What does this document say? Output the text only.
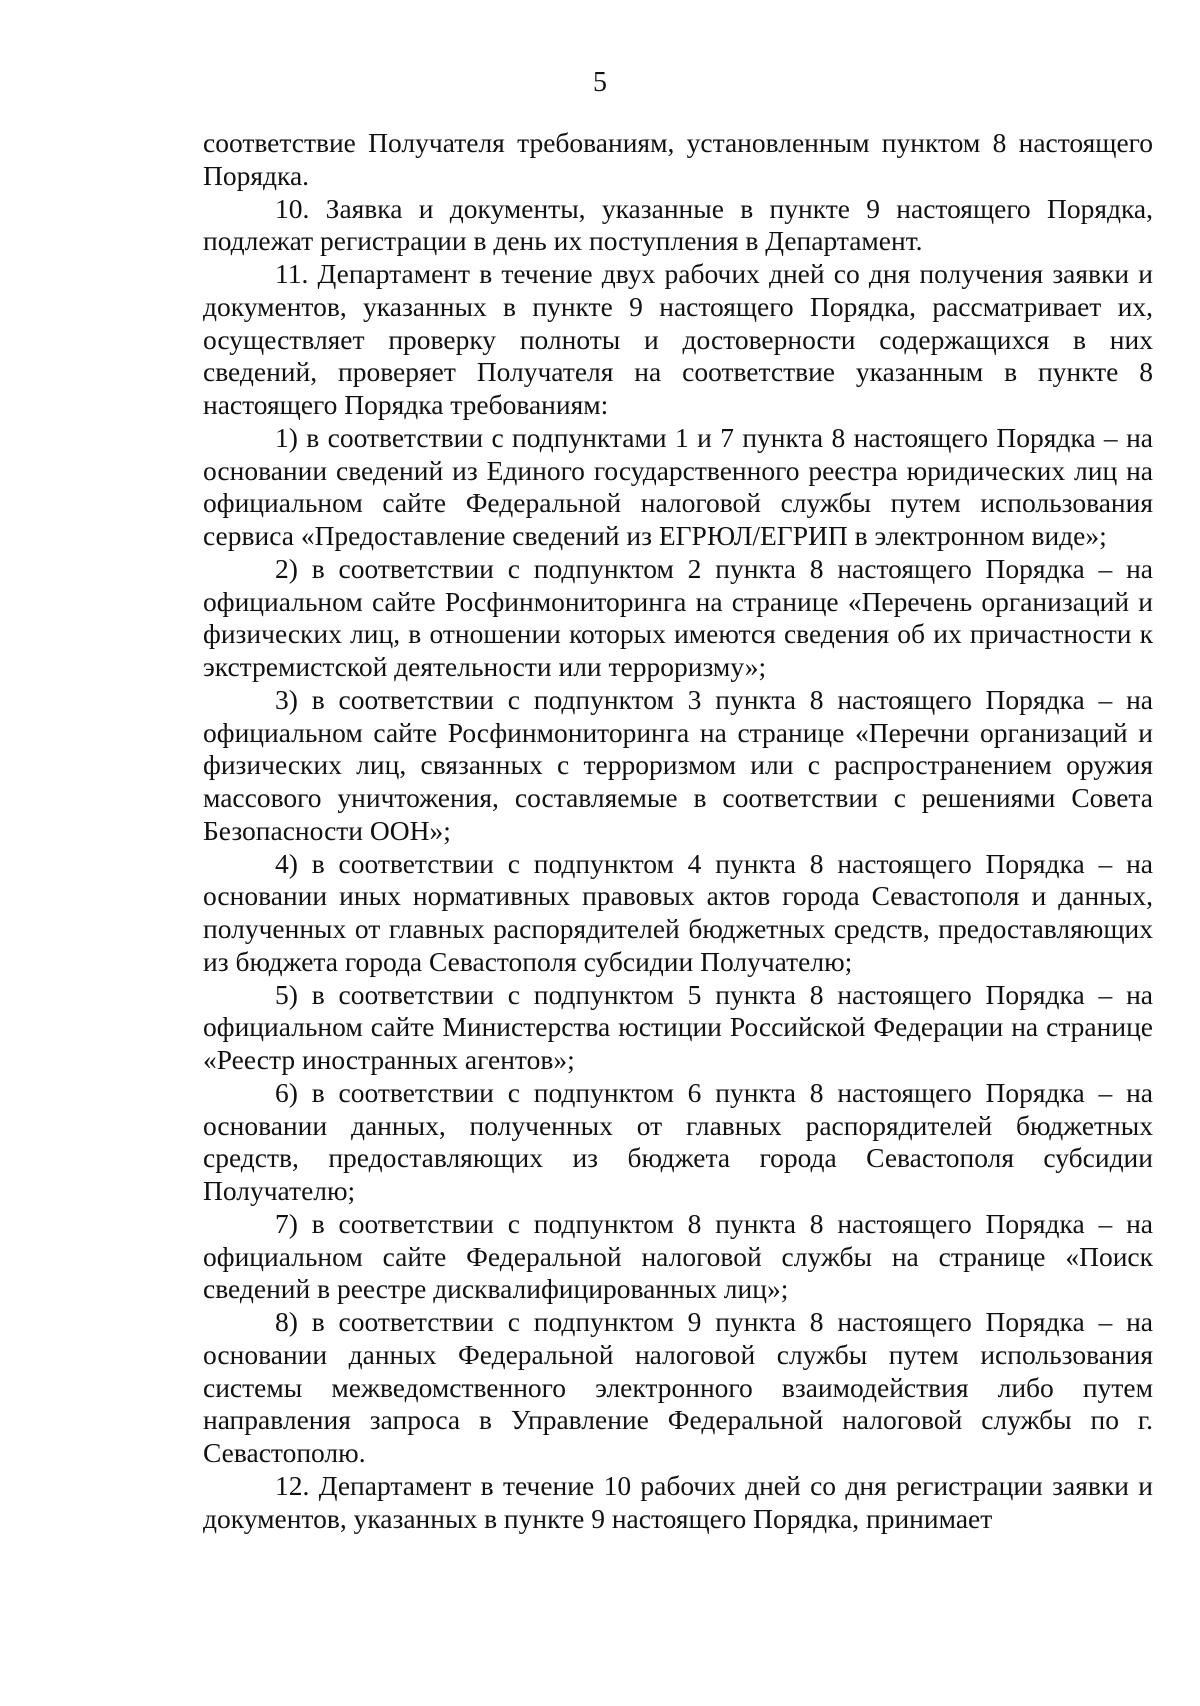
5

соответствие Получателя требованиям, установленным пунктом 8 настоящего Порядка.

10. Заявка и документы, указанные в пункте 9 настоящего Порядка, подлежат регистрации в день их поступления в Департамент.

11. Департамент в течение двух рабочих дней со дня получения заявки и документов, указанных в пункте 9 настоящего Порядка, рассматривает их, осуществляет проверку полноты и достоверности содержащихся в них сведений, проверяет Получателя на соответствие указанным в пункте 8 настоящего Порядка требованиям:

1) в соответствии с подпунктами 1 и 7 пункта 8 настоящего Порядка – на основании сведений из Единого государственного реестра юридических лиц на официальном сайте Федеральной налоговой службы путем использования сервиса «Предоставление сведений из ЕГРЮЛ/ЕГРИП в электронном виде»;

2) в соответствии с подпунктом 2 пункта 8 настоящего Порядка – на официальном сайте Росфинмониторинга на странице «Перечень организаций и физических лиц, в отношении которых имеются сведения об их причастности к экстремистской деятельности или терроризму»;

3) в соответствии с подпунктом 3 пункта 8 настоящего Порядка – на официальном сайте Росфинмониторинга на странице «Перечни организаций и физических лиц, связанных с терроризмом или с распространением оружия массового уничтожения, составляемые в соответствии с решениями Совета Безопасности ООН»;

4) в соответствии с подпунктом 4 пункта 8 настоящего Порядка – на основании иных нормативных правовых актов города Севастополя и данных, полученных от главных распорядителей бюджетных средств, предоставляющих из бюджета города Севастополя субсидии Получателю;

5) в соответствии с подпунктом 5 пункта 8 настоящего Порядка – на официальном сайте Министерства юстиции Российской Федерации на странице «Реестр иностранных агентов»;

6) в соответствии с подпунктом 6 пункта 8 настоящего Порядка – на основании данных, полученных от главных распорядителей бюджетных средств, предоставляющих из бюджета города Севастополя субсидии Получателю;

7) в соответствии с подпунктом 8 пункта 8 настоящего Порядка – на официальном сайте Федеральной налоговой службы на странице «Поиск сведений в реестре дисквалифицированных лиц»;

8) в соответствии с подпунктом 9 пункта 8 настоящего Порядка – на основании данных Федеральной налоговой службы путем использования системы межведомственного электронного взаимодействия либо путем направления запроса в Управление Федеральной налоговой службы по г. Севастополю.

12. Департамент в течение 10 рабочих дней со дня регистрации заявки и документов, указанных в пункте 9 настоящего Порядка, принимает
